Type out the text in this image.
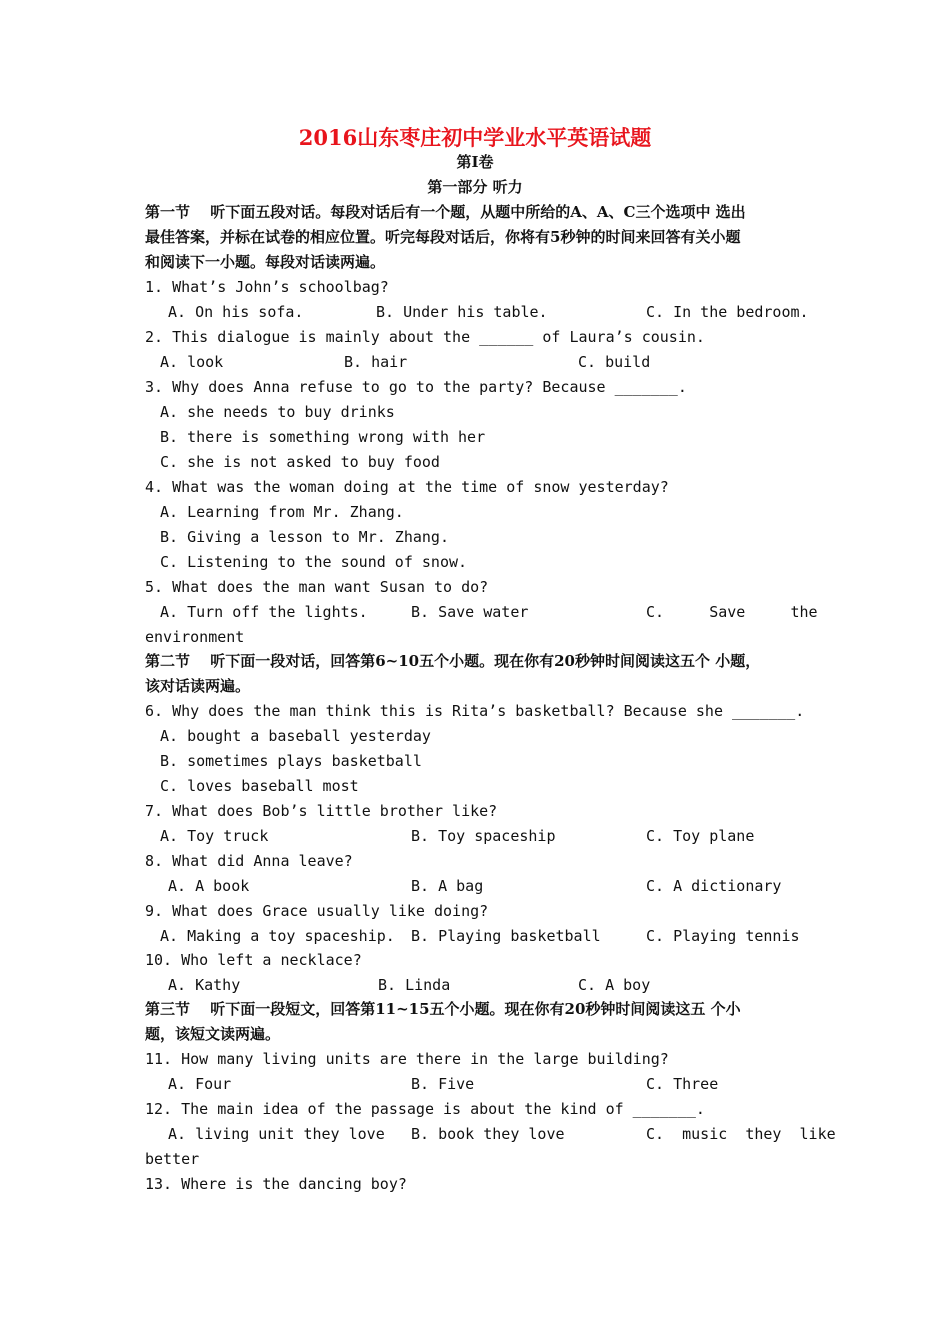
2016山东枣庄初中学业水平英语试题
第Ⅰ卷
第一部分 听力
第一节　 听下面五段对话。每段对话后有一个题，从题中所给的A、A、C三个选项中 选出
最佳答案，并标在试卷的相应位置。听完每段对话后，你将有5秒钟的时间来回答有关小题
和阅读下一小题。每段对话读两遍。
1. What’s John’s schoolbag?
A. On his sofa.	B. Under his table.	C. In the bedroom.
2. This dialogue is mainly about the ______ of Laura’s cousin.
A. look	B. hair	C. build
3. Why does Anna refuse to go to the party? Because _______.
A. she needs to buy drinks
B. there is something wrong with her
C. she is not asked to buy food
4. What was the woman doing at the time of snow yesterday?
A. Learning from Mr. Zhang.
B. Giving a lesson to Mr. Zhang.
C. Listening to the sound of snow.
5. What does the man want Susan to do?
A. Turn off the lights.	B. Save water	C.     Save     the
environment
第二节　 听下面一段对话，回答第6~10五个小题。现在你有20秒钟时间阅读这五个 小题，
该对话读两遍。
6. Why does the man think this is Rita’s basketball? Because she _______.
A. bought a baseball yesterday
B. sometimes plays basketball
C. loves baseball most
7. What does Bob’s little brother like?
A. Toy truck	B. Toy spaceship	C. Toy plane
8. What did Anna leave?
A. A book	B. A bag	C. A dictionary
9. What does Grace usually like doing?
A. Making a toy spaceship. B. Playing basketball	C. Playing tennis
10. Who left a necklace?
A. Kathy	B. Linda	C. A boy
第三节　 听下面一段短文，回答第11~15五个小题。现在你有20秒钟时间阅读这五 个小
题，该短文读两遍。
11. How many living units are there in the large building?
A. Four	B. Five	C. Three
12. The main idea of the passage is about the kind of _______.
A. living unit they love B. book they love	C.  music  they  like
better
13. Where is the dancing boy?
